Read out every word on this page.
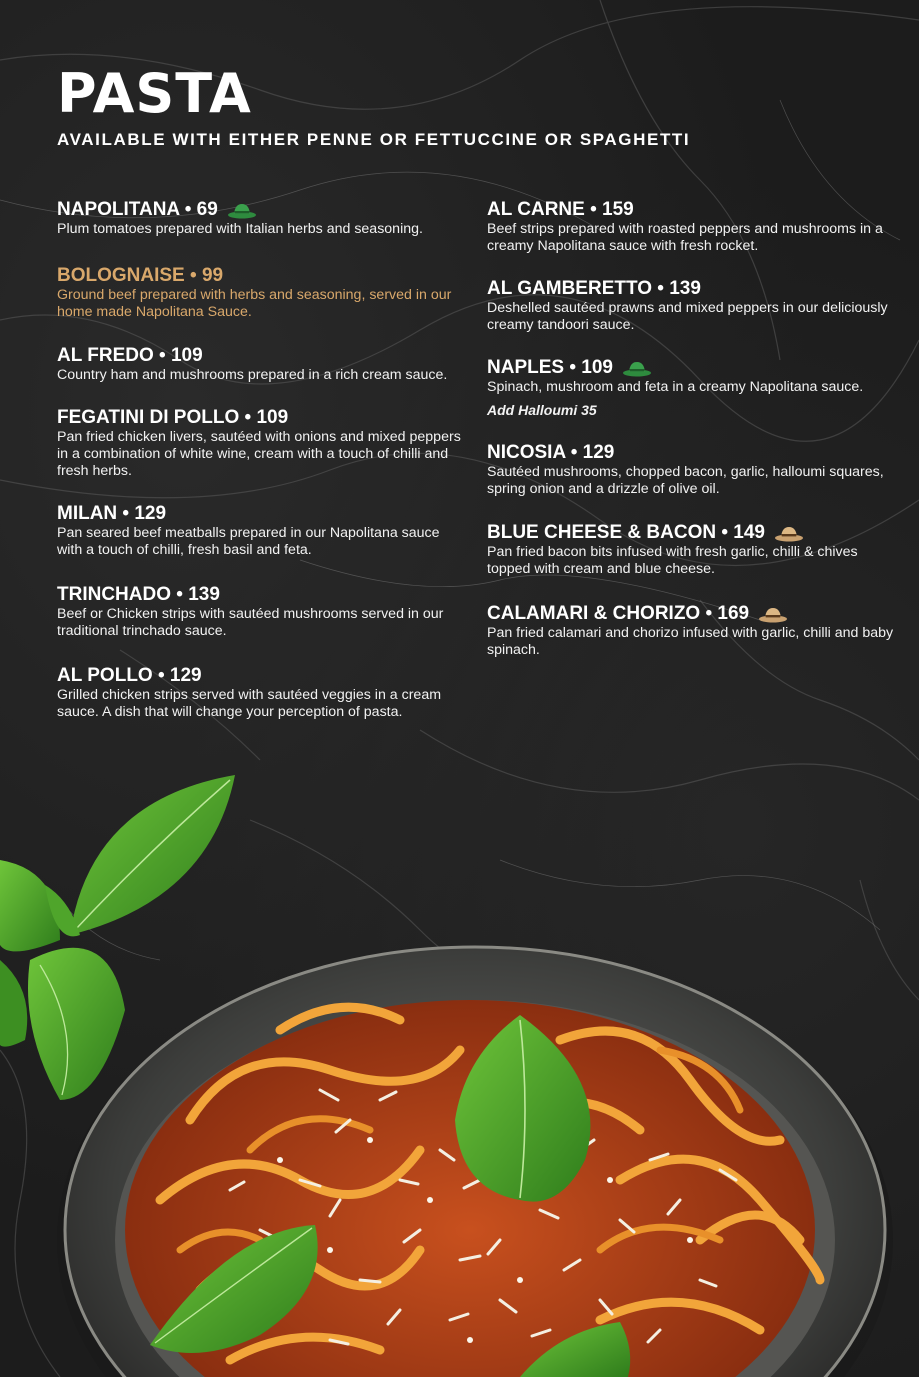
PASTA
AVAILABLE WITH EITHER PENNE OR FETTUCCINE OR SPAGHETTI
NAPOLITANA • 69
Plum tomatoes prepared with Italian herbs and seasoning.
BOLOGNAISE • 99
Ground beef prepared with herbs and seasoning, served in our home made Napolitana Sauce.
AL FREDO • 109
Country ham and mushrooms prepared in a rich cream sauce.
FEGATINI DI POLLO • 109
Pan fried chicken livers, sautéed with onions and mixed peppers in a combination of white wine, cream with a touch of chilli and fresh herbs.
MILAN • 129
Pan seared beef meatballs prepared in our Napolitana sauce with a touch of chilli, fresh basil and feta.
TRINCHADO • 139
Beef or Chicken strips with sautéed mushrooms served in our traditional trinchado sauce.
AL POLLO • 129
Grilled chicken strips served with sautéed veggies in a cream sauce. A dish that will change your perception of pasta.
AL CARNE • 159
Beef strips prepared with roasted peppers and mushrooms in a creamy Napolitana sauce with fresh rocket.
AL GAMBERETTO • 139
Deshelled sautéed prawns and mixed peppers in our deliciously creamy tandoori sauce.
NAPLES • 109
Spinach, mushroom and feta in a creamy Napolitana sauce.
Add Halloumi 35
NICOSIA • 129
Sautéed mushrooms, chopped bacon, garlic, halloumi squares, spring onion and a drizzle of olive oil.
BLUE CHEESE & BACON • 149
Pan fried bacon bits infused with fresh garlic, chilli & chives topped with cream and blue cheese.
CALAMARI & CHORIZO • 169
Pan fried calamari and chorizo infused with garlic, chilli and baby spinach.
